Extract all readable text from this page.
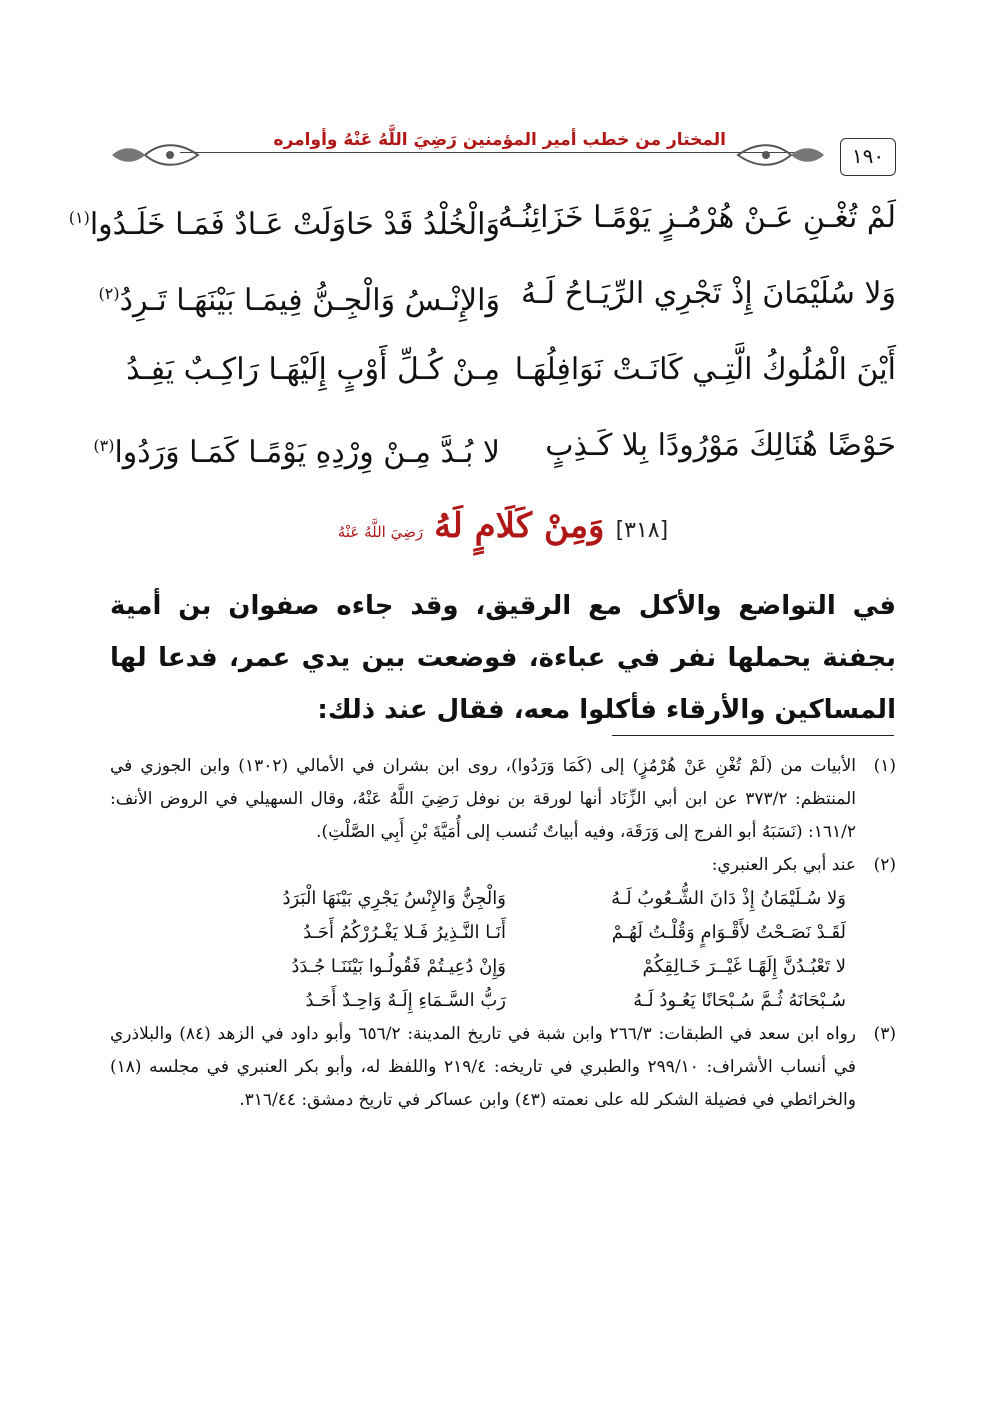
١٩٠
المختار من خطب أمير المؤمنين رَضِيَ اللَّهُ عَنْهُ وأوامره
لَمْ تُغْـنِ عَـنْ هُرْمُـزٍ يَوْمًـا خَزَائِنُـهُ
وَالْخُلْدُ قَدْ حَاوَلَتْ عَـادٌ فَمَـا خَلَـدُوا$^{(١)}$
وَلا سُلَيْمَانَ إِذْ تَجْرِي الرِّيَـاحُ لَـهُ
وَالإِنْـسُ وَالْجِـنُّ فِيمَـا بَيْنَهَـا تَـرِدُ$^{(٢)}$
أَيْنَ الْمُلُوكُ الَّتِـي كَانَـتْ نَوَافِلُهَـا
مِـنْ كُـلِّ أَوْبٍ إِلَيْهَـا رَاكِـبٌ يَفِـدُ
حَوْضًا هُنَالِكَ مَوْرُودًا بِلا كَـذِبٍ
لا بُـدَّ مِـنْ وِرْدِهِ يَوْمًـا كَمَـا وَرَدُوا$^{(٣)}$
[٣١٨] وَمِنْ كَلَامٍ لَهُ رَضِيَ اللَّهُ عَنْهُ
في التواضع والأكل مع الرقيق، وقد جاءه صفوان بن أمية بجفنة يحملها نفر في عباءة، فوضعت بين يدي عمر، فدعا لها المساكين والأرقاء فأكلوا معه، فقال عند ذلك:
(١)
الأبيات من (لَمْ تُغْنِ عَنْ هُرْمُزٍ) إلى (كَمَا وَرَدُوا)، روى ابن بشران في الأمالي (١٣٠٢) وابن الجوزي في المنتظم: ٣٧٣/٢ عن ابن أبي الزِّنَاد أنها لورقة بن نوفل رَضِيَ اللَّهُ عَنْهُ، وقال السهيلي في الروض الأنف: ١٦١/٢: (نَسَبَهُ أبو الفرج إلى وَرَقَة، وفيه أبياتٌ تُنسب إلى أُمَيَّةَ بْنِ أَبِي الصَّلْتِ).
(٢)
عند أبي بكر العنبري:
وَلا سُـلَيْمَانُ إِذْ دَانَ الشُّـعُوبُ لَـهُ
وَالْجِنُّ وَالإِنْسُ يَجْرِي بَيْنَهَا الْبَرَدُ
لَقَـدْ نَصَـحْتُ لأَقْـوَامٍ وَقُلْـتُ لَهُـمْ
أَنَـا النَّـذِيرُ فَـلا يَغْـرُرْكُمُ أَحَـدُ
لا تَعْبُـدُنَّ إِلَهًـا غَيْــرَ خَـالِقِكُمْ
وَإِنْ دُعِيـتُمْ فَقُولُـوا بَيْنَنَـا جُـدَدُ
سُـبْحَانَهُ ثُـمَّ سُـبْحَانًا يَعُـودُ لَـهُ
رَبُّ السَّـمَاءِ إِلَـهٌ وَاحِـدٌ أَحَـدُ
(٣)
رواه ابن سعد في الطبقات: ٢٦٦/٣ وابن شبة في تاريخ المدينة: ٦٥٦/٢ وأبو داود في الزهد (٨٤) والبلاذري في أنساب الأشراف: ٢٩٩/١٠ والطبري في تاريخه: ٢١٩/٤ واللفظ له، وأبو بكر العنبري في مجلسه (١٨) والخرائطي في فضيلة الشكر لله على نعمته (٤٣) وابن عساكر في تاريخ دمشق: ٣١٦/٤٤.
